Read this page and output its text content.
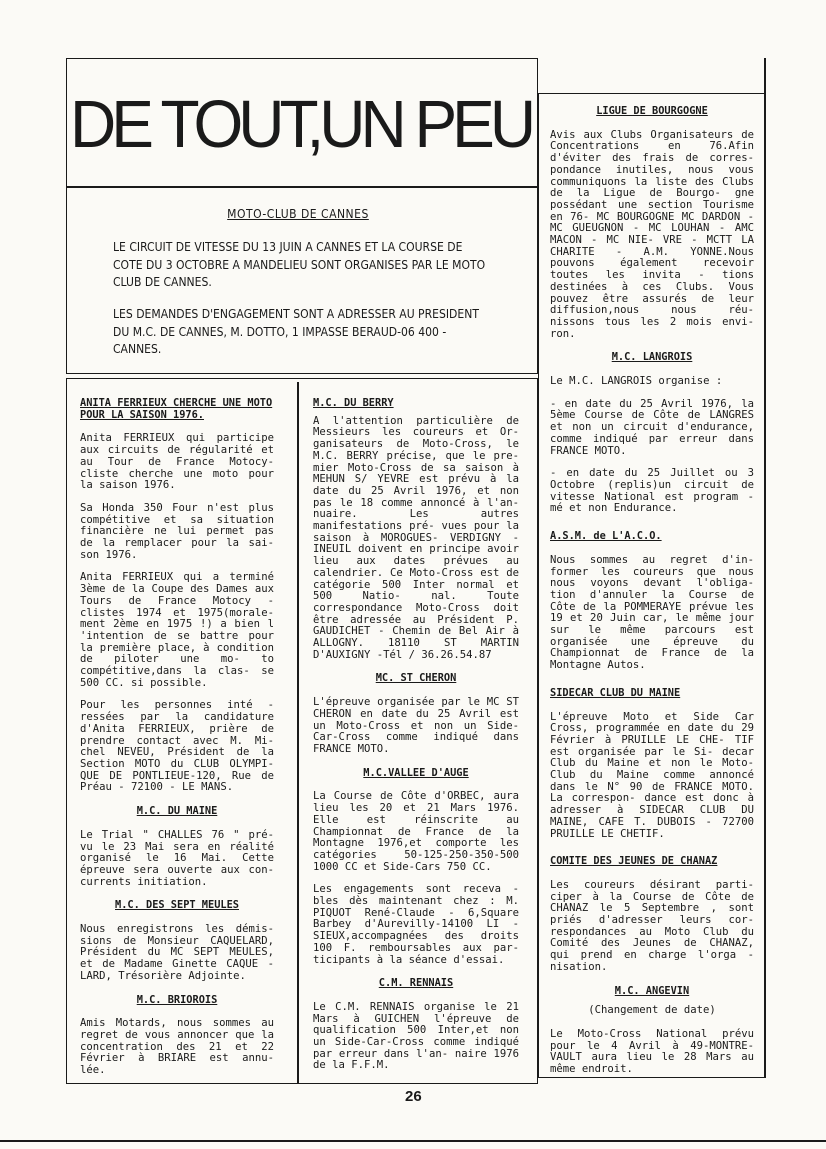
DE TOUT,UN PEU
MOTO-CLUB DE CANNES
LE CIRCUIT DE VITESSE DU 13 JUIN A CANNES ET LA COURSE DE COTE DU 3 OCTOBRE A MANDELIEU SONT ORGANISES PAR LE MOTO CLUB DE CANNES.
LES DEMANDES D'ENGAGEMENT SONT A ADRESSER AU PRESIDENT DU M.C. DE CANNES, M. DOTTO, 1 IMPASSE BERAUD-06 400 - CANNES.
ANITA FERRIEUX CHERCHE UNE MOTO POUR LA SAISON 1976.

Anita FERRIEUX qui participe aux circuits de régularité et au Tour de France Motocy- cliste cherche une moto pour la saison 1976.

Sa Honda 350 Four n'est plus compétitive et sa situation financière ne lui permet pas de la remplacer pour la sai- son 1976.

Anita FERRIEUX qui a terminé 3ème de la Coupe des Dames aux Tours de France Motocy - clistes 1974 et 1975(morale- ment 2ème en 1975 !) a bien l 'intention de se battre pour la première place, à condition de piloter une mo- to compétitive,dans la clas- se 500 CC. si possible.

Pour les personnes inté - ressées par la candidature d'Anita FERRIEUX, prière de prendre contact avec M. Mi- chel NEVEU, Président de la Section MOTO du CLUB OLYMPI- QUE DE PONTLIEUE-120, Rue de Préau - 72100 - LE MANS.

M.C. DU MAINE

Le Trial " CHALLES 76 " pré- vu le 23 Mai sera en réalité organisé le 16 Mai. Cette épreuve sera ouverte aux con- currents initiation.

M.C. DES SEPT MEULES

Nous enregistrons les démis- sions de Monsieur CAQUELARD, Président du MC SEPT MEULES, et de Madame Ginette CAQUE - LARD, Trésorière Adjointe.

M.C. BRIOROIS

Amis Motards, nous sommes au regret de vous annoncer que la concentration des 21 et 22 Février à BRIARE est annu- lée.

M.C. DU BERRY

A l'attention particulière de Messieurs les coureurs et Or- ganisateurs de Moto-Cross, le M.C. BERRY précise, que le pre- mier Moto-Cross de sa saison à MEHUN S/ YEVRE est prévu à la date du 25 Avril 1976, et non pas le 18 comme annoncé à l'an- nuaire. Les autres manifestations pré- vues pour la saison à MOROGUES- VERDIGNY - INEUIL doivent en principe avoir lieu aux dates prévues au calendrier. Ce Moto-Cross est de catégorie 500 Inter normal et 500 Natio- nal. Toute correspondance Moto-Cross doit être adressée au Président P. GAUDICHET - Chemin de Bel Air à ALLOGNY. 18110 ST MARTIN D'AUXIGNY -Tél / 36.26.54.87

MC. ST CHERON

L'épreuve organisée par le MC ST CHERON en date du 25 Avril est un Moto-Cross et non un Side-Car-Cross comme indiqué dans FRANCE MOTO.

M.C.VALLEE D'AUGE

La Course de Côte d'ORBEC, aura lieu les 20 et 21 Mars 1976. Elle est réinscrite au Championnat de France de la Montagne 1976,et comporte les catégories 50-125-250-350-500 1000 CC et Side-Cars 750 CC.

Les engagements sont receva - bles dès maintenant chez : M. PIQUOT René-Claude - 6,Square Barbey d'Aurevilly-14100 LI - SIEUX,accompagnées des droits 100 F. remboursables aux par- ticipants à la séance d'essai.

C.M. RENNAIS

Le C.M. RENNAIS organise le 21 Mars à GUICHEN l'épreuve de qualification 500 Inter,et non un Side-Car-Cross comme indiqué par erreur dans l'an- naire 1976 de la F.F.M.

LIGUE DE BOURGOGNE

Avis aux Clubs Organisateurs de Concentrations en 76.Afin d'éviter des frais de corres- pondance inutiles, nous vous communiquons la liste des Clubs de la Ligue de Bourgo- gne possédant une section Tourisme en 76- MC BOURGOGNE MC DARDON - MC GUEUGNON - MC LOUHAN - AMC MACON - MC NIE- VRE - MCTT LA CHARITE - A.M. YONNE.Nous pouvons également recevoir toutes les invita - tions destinées à ces Clubs. Vous pouvez être assurés de leur diffusion,nous nous réu- nissons tous les 2 mois envi- ron.

M.C. LANGROIS

Le M.C. LANGROIS organise :

- en date du 25 Avril 1976, la 5ème Course de Côte de LANGRES et non un circuit d'endurance, comme indiqué par erreur dans FRANCE MOTO.

- en date du 25 Juillet ou 3 Octobre (replis)un circuit de vitesse National est program - mé et non Endurance.

A.S.M. de L'A.C.O.

Nous sommes au regret d'in- former les coureurs que nous nous voyons devant l'obliga- tion d'annuler la Course de Côte de la POMMERAYE prévue les 19 et 20 Juin car, le même jour sur le même parcours est organisée une épreuve du Championnat de France de la Montagne Autos.

SIDECAR CLUB DU MAINE

L'épreuve Moto et Side Car Cross, programmée en date du 29 Février à PRUILLE LE CHE- TIF est organisée par le Si- decar Club du Maine et non le Moto-Club du Maine comme annoncé dans le N° 90 de FRANCE MOTO. La correspon- dance est donc à adresser à SIDECAR CLUB DU MAINE, CAFE T. DUBOIS - 72700 PRUILLE LE CHETIF.

COMITE DES JEUNES DE CHANAZ

Les coureurs désirant parti- ciper à la Course de Côte de CHANAZ le 5 Septembre , sont priés d'adresser leurs cor- respondances au Moto Club du Comité des Jeunes de CHANAZ, qui prend en charge l'orga - nisation.

M.C. ANGEVIN
(Changement de date)

Le Moto-Cross National prévu pour le 4 Avril à 49-MONTRE- VAULT aura lieu le 28 Mars au même endroit.

26
